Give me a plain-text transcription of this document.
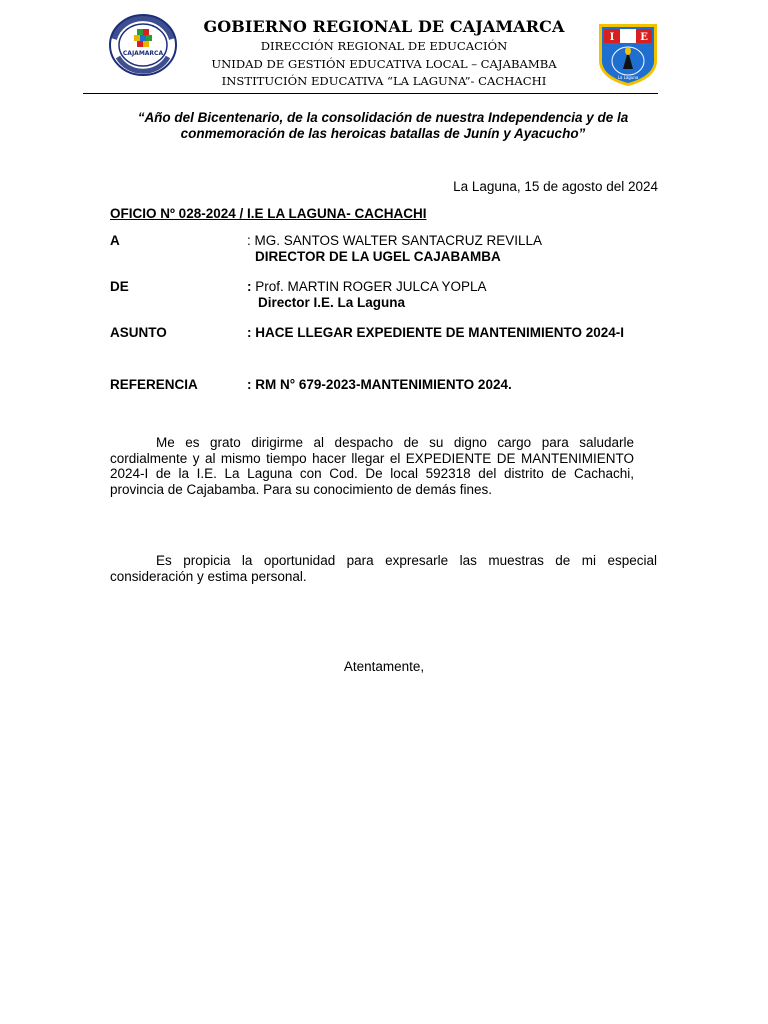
CAJAMARCA
GOBIERNO REGIONAL DE CAJAMARCA
DIRECCIÓN REGIONAL DE EDUCACIÓN
UNIDAD DE GESTIÓN EDUCATIVA LOCAL – CAJABAMBA
INSTITUCIÓN EDUCATIVA “LA LAGUNA”- CACHACHI
I	E
La Laguna
“Año del Bicentenario, de la consolidación de nuestra Independencia y de la conmemoración de las heroicas batallas de Junín y Ayacucho”
La Laguna, 15 de agosto del 2024
OFICIO Nº 028-2024 / I.E LA LAGUNA- CACHACHI
A	: MG. SANTOS WALTER SANTACRUZ REVILLA
DIRECTOR DE LA UGEL CAJABAMBA
DE	: Prof. MARTIN ROGER JULCA YOPLA
Director I.E. La Laguna
ASUNTO	: HACE LLEGAR EXPEDIENTE DE MANTENIMIENTO 2024-I
REFERENCIA	: RM N° 679-2023-MANTENIMIENTO 2024.
Me es grato dirigirme al despacho de su digno cargo para saludarle cordialmente y al mismo tiempo hacer llegar el EXPEDIENTE DE MANTENIMIENTO 2024-I de la I.E. La Laguna con Cod. De local 592318 del distrito de Cachachi, provincia de Cajabamba. Para su conocimiento de demás fines.
Es propicia la oportunidad para expresarle las muestras de mi especial consideración y estima personal.
Atentamente,
